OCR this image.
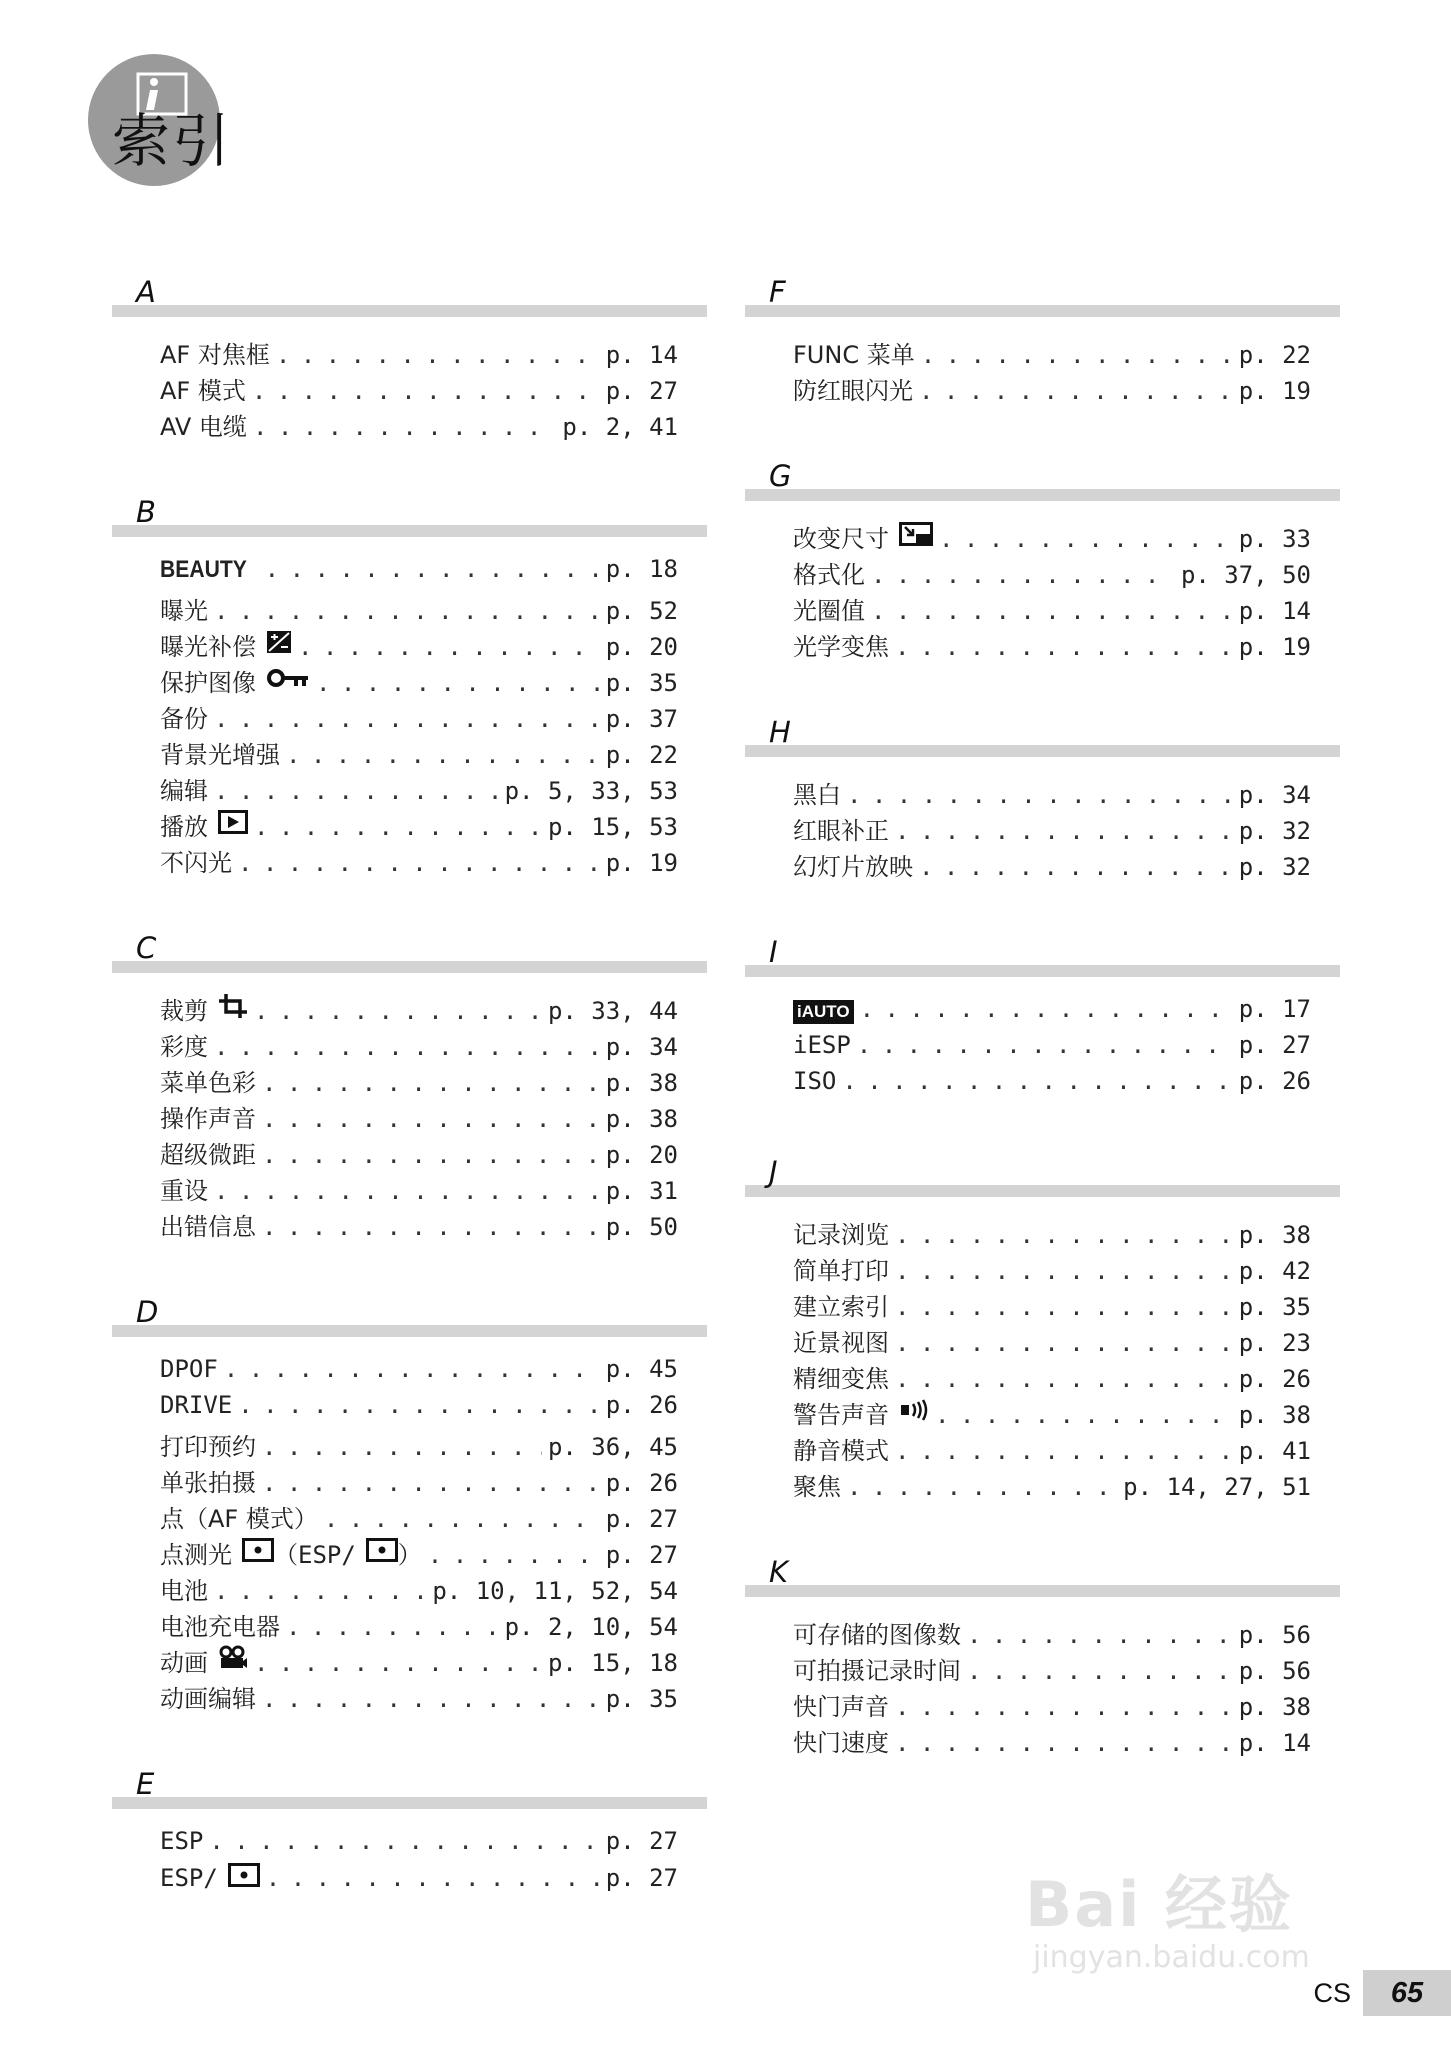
索引
A
AF 对焦框 . . .	p. 14
AF 模式 . . .	p. 27
AV 电缆 . . .	p. 2, 41
B
BEAUTY . . .	p. 18
曝光 . . .	p. 52
曝光补偿 . . .	p. 20
保护图像 . . .	p. 35
备份 . . .	p. 37
背景光增强 . . .	p. 22
编辑 . . .	p. 5, 33, 53
播放 . . .	p. 15, 53
不闪光 . . .	p. 19
C
裁剪 . . .	p. 33, 44
彩度 . . .	p. 34
菜单色彩 . . .	p. 38
操作声音 . . .	p. 38
超级微距 . . .	p. 20
重设 . . .	p. 31
出错信息 . . .	p. 50
D
DPOF . . .	p. 45
DRIVE . . .	p. 26
打印预约 . . .	p. 36, 45
单张拍摄 . . .	p. 26
点（AF 模式） . . .	p. 27
点测光 （ESP/ ） . . .	p. 27
电池 . . .	p. 10, 11, 52, 54
电池充电器 . . .	p. 2, 10, 54
动画 . . .	p. 15, 18
动画编辑 . . .	p. 35
E
ESP . . .	p. 27
ESP/ . . .	p. 27
F
FUNC 菜单 . . .	p. 22
防红眼闪光 . . .	p. 19
G
改变尺寸 . . .	p. 33
格式化 . . .	p. 37, 50
光圈值 . . .	p. 14
光学变焦 . . .	p. 19
H
黑白 . . .	p. 34
红眼补正 . . .	p. 32
幻灯片放映 . . .	p. 32
I
iAUTO . . .	p. 17
iESP . . .	p. 27
ISO . . .	p. 26
J
记录浏览 . . .	p. 38
简单打印 . . .	p. 42
建立索引 . . .	p. 35
近景视图 . . .	p. 23
精细变焦 . . .	p. 26
警告声音 . . .	p. 38
静音模式 . . .	p. 41
聚焦 . . .	p. 14, 27, 51
K
可存储的图像数 . . .	p. 56
可拍摄记录时间 . . .	p. 56
快门声音 . . .	p. 38
快门速度 . . .	p. 14
Bai 经验
jingyan.baidu.com
CS	65
